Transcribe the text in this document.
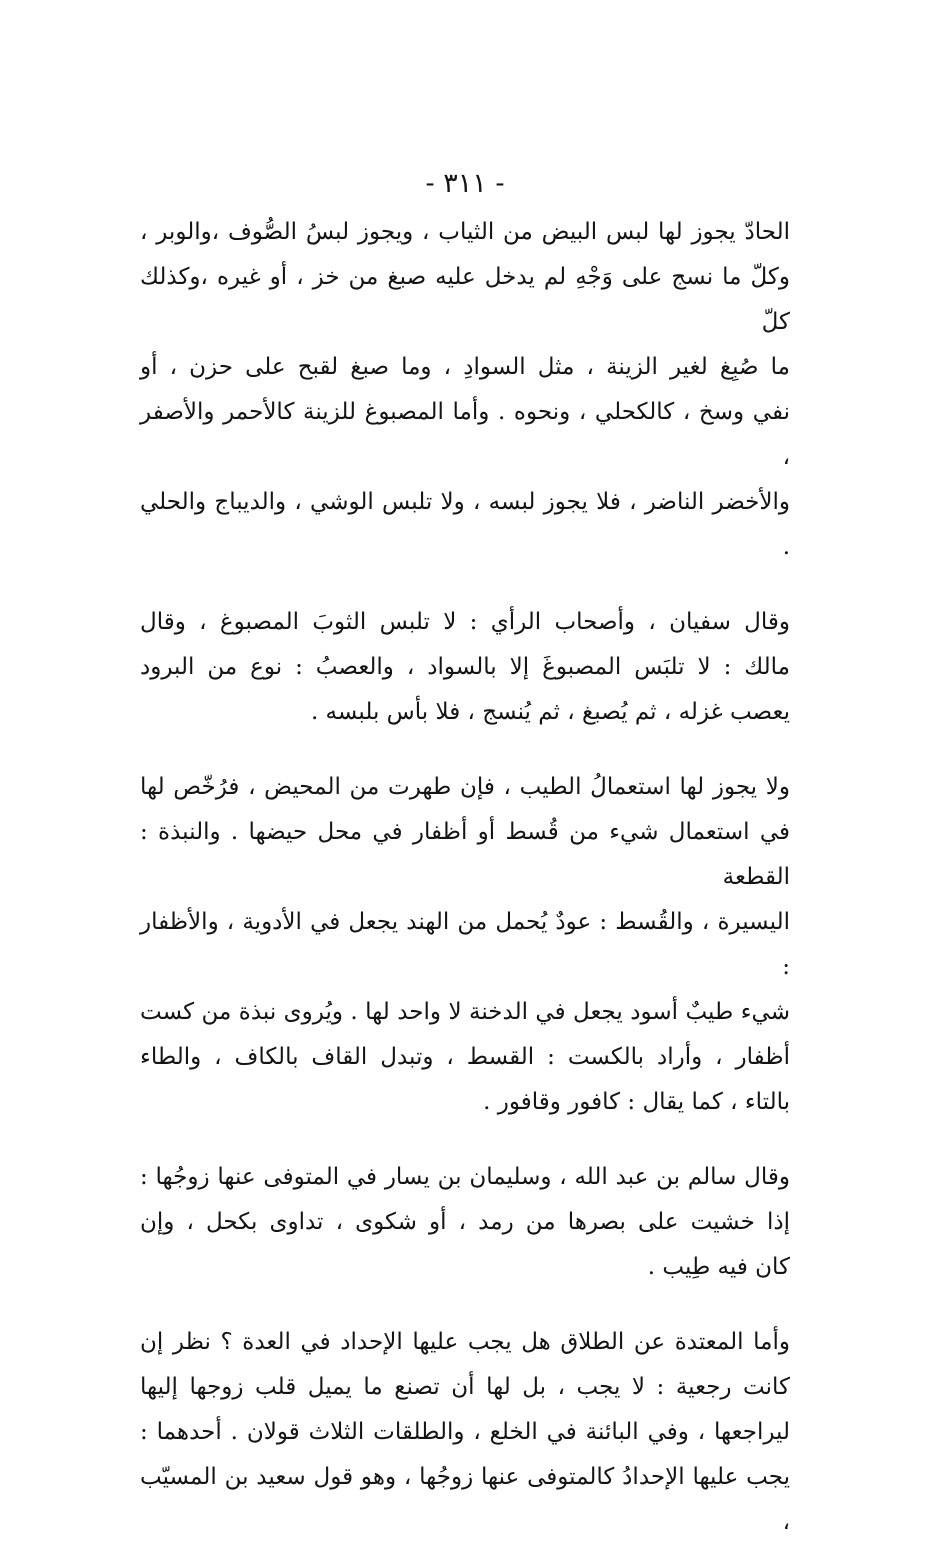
- ٣١١ -

الحادّ يجوز لها لبس البيض من الثياب ، ويجوز لبسُ الصُّوف ،والوبر ،
وكلّ ما نسج على وَجْهِ لم يدخل عليه صبغ من خز ، أو غيره ،وكذلك كلّ
ما صُبِغ لغير الزينة ، مثل السوادِ ، وما صبغ لقبح على حزن ، أو
نفي وسخ ، كالكحلي ، ونحوه . وأما المصبوغ للزينة كالأحمر والأصفر ،
والأخضر الناضر ، فلا يجوز لبسه ، ولا تلبس الوشي ، والديباج والحلي .

وقال سفيان ، وأصحاب الرأي : لا تلبس الثوبَ المصبوغ ، وقال
مالك : لا تلبَس المصبوغَ إلا بالسواد ، والعصبُ : نوع من البرود
يعصب غزله ، ثم يُصبغ ، ثم يُنسج ، فلا بأس بلبسه .

ولا يجوز لها استعمالُ الطيب ، فإن طهرت من المحيض ، فرُخّص لها
في استعمال شيء من قُسط أو أظفار في محل حيضها . والنبذة : القطعة
اليسيرة ، والقُسط : عودٌ يُحمل من الهند يجعل في الأدوية ، والأظفار :
شيء طيبٌ أسود يجعل في الدخنة لا واحد لها . ويُروى نبذة من كست
أظفار ، وأراد بالكست : القسط ، وتبدل القاف بالكاف ، والطاء
بالتاء ، كما يقال : كافور وقافور .

وقال سالم بن عبد الله ، وسليمان بن يسار في المتوفى عنها زوجُها :
إذا خشيت على بصرها من رمد ، أو شكوى ، تداوى بكحل ، وإن
كان فيه طِيب .

وأما المعتدة عن الطلاق هل يجب عليها الإحداد في العدة ؟ نظر إن
كانت رجعية : لا يجب ، بل لها أن تصنع ما يميل قلب زوجها إليها
ليراجعها ، وفي البائنة في الخلع ، والطلقات الثلاث قولان . أحدهما :
يجب عليها الإحدادُ كالمتوفى عنها زوجُها ، وهو قول سعيد بن المسيّب ،
